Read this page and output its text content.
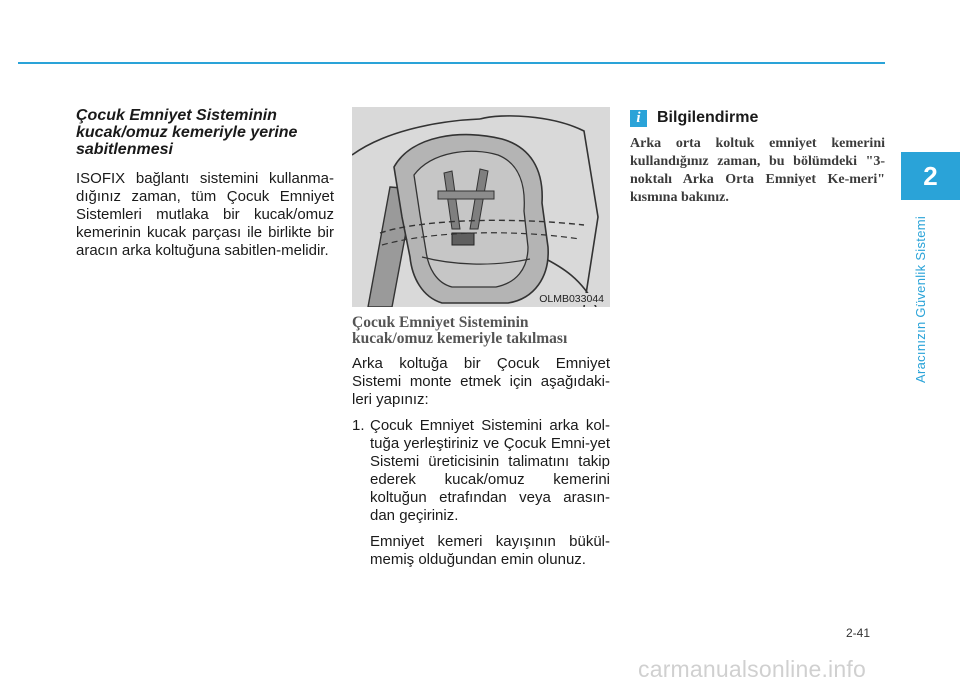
Çocuk Emniyet Sisteminin kucak/omuz kemeriyle yerine sabitlenmesi

ISOFIX bağlantı sistemini kullanma-dığınız zaman, tüm Çocuk Emniyet Sistemleri mutlaka bir kucak/omuz kemerinin kucak parçası ile birlikte bir aracın arka koltuğuna sabitlen-melidir.

OLMB033044
Çocuk Emniyet Sisteminin kucak/omuz kemeriyle takılması

Arka koltuğa bir Çocuk Emniyet Sistemi monte etmek için aşağıdaki-leri yapınız:

1. Çocuk Emniyet Sistemini arka kol-tuğa yerleştiriniz ve Çocuk Emni-yet Sistemi üreticisinin talimatını takip ederek kucak/omuz kemerini koltuğun etrafından veya arasın-dan geçiriniz.

Emniyet kemeri kayışının bükül-memiş olduğundan emin olunuz.

i	Bilgilendirme

Arka orta koltuk emniyet kemerini kullandığınız zaman, bu bölümdeki "3-noktalı Arka Orta Emniyet Ke-meri" kısmına bakınız.

2
Aracınızın Güvenlik Sistemi
2-41
carmanualsonline.info
